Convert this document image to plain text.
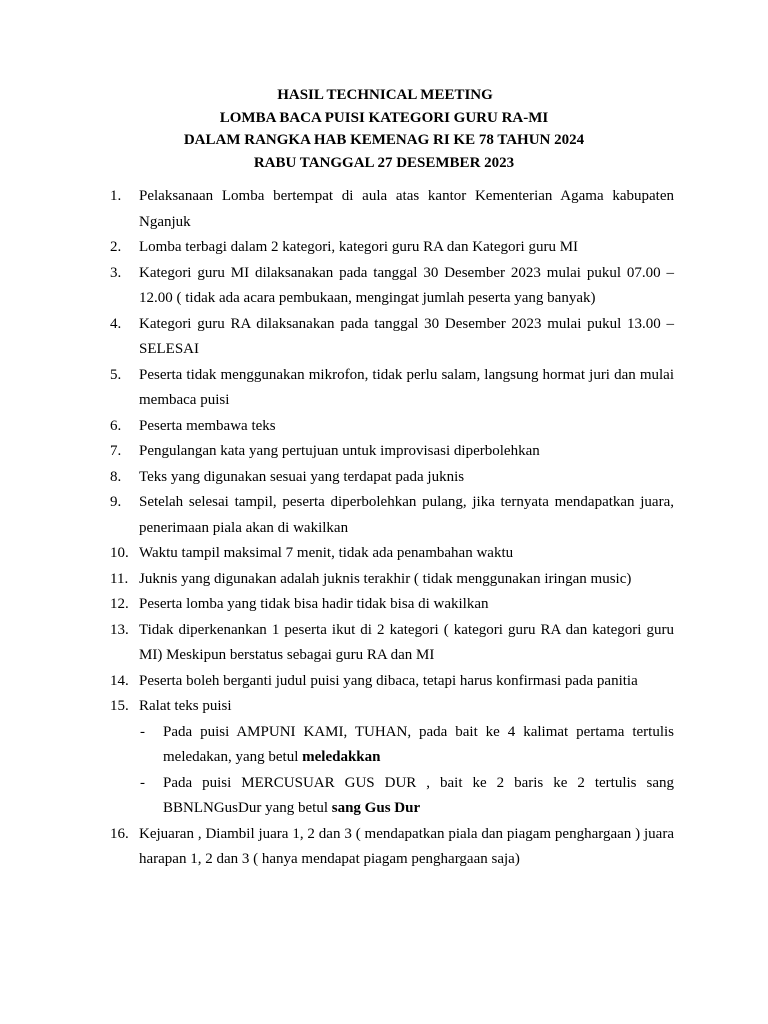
HASIL TECHNICAL MEETING
LOMBA BACA PUISI KATEGORI GURU RA-MI
DALAM RANGKA HAB KEMENAG RI KE 78 TAHUN 2024
RABU TANGGAL 27 DESEMBER 2023
1.	Pelaksanaan Lomba bertempat di aula atas kantor Kementerian Agama kabupaten Nganjuk
2.	Lomba terbagi dalam 2 kategori, kategori guru RA dan Kategori guru MI
3.	Kategori guru MI dilaksanakan pada tanggal 30 Desember 2023 mulai pukul 07.00 – 12.00 ( tidak ada acara pembukaan, mengingat jumlah peserta yang banyak)
4.	Kategori guru RA dilaksanakan pada tanggal 30 Desember 2023 mulai pukul 13.00 – SELESAI
5.	Peserta tidak menggunakan mikrofon, tidak perlu salam, langsung hormat juri dan mulai membaca puisi
6.	Peserta membawa teks
7.	Pengulangan kata yang pertujuan untuk improvisasi diperbolehkan
8.	Teks yang digunakan sesuai yang terdapat pada juknis
9.	Setelah selesai tampil, peserta diperbolehkan pulang, jika ternyata mendapatkan juara, penerimaan piala akan di wakilkan
10. Waktu tampil maksimal 7 menit, tidak ada penambahan waktu
11. Juknis yang digunakan adalah juknis terakhir ( tidak menggunakan iringan music)
12. Peserta lomba yang tidak bisa hadir tidak bisa di wakilkan
13. Tidak diperkenankan 1 peserta ikut di 2 kategori ( kategori guru RA dan kategori guru MI) Meskipun berstatus sebagai guru RA dan MI
14. Peserta boleh berganti judul puisi yang dibaca, tetapi harus konfirmasi pada panitia
15. Ralat teks puisi
- Pada puisi AMPUNI KAMI, TUHAN, pada bait ke 4 kalimat pertama tertulis meledakan, yang betul meledakkan
- Pada puisi MERCUSUAR GUS DUR , bait ke 2 baris ke 2 tertulis sang BBNLNGusDur yang betul sang Gus Dur
16. Kejuaran , Diambil juara 1, 2 dan 3 ( mendapatkan piala dan piagam penghargaan ) juara harapan 1, 2 dan 3 ( hanya mendapat piagam penghargaan saja)
